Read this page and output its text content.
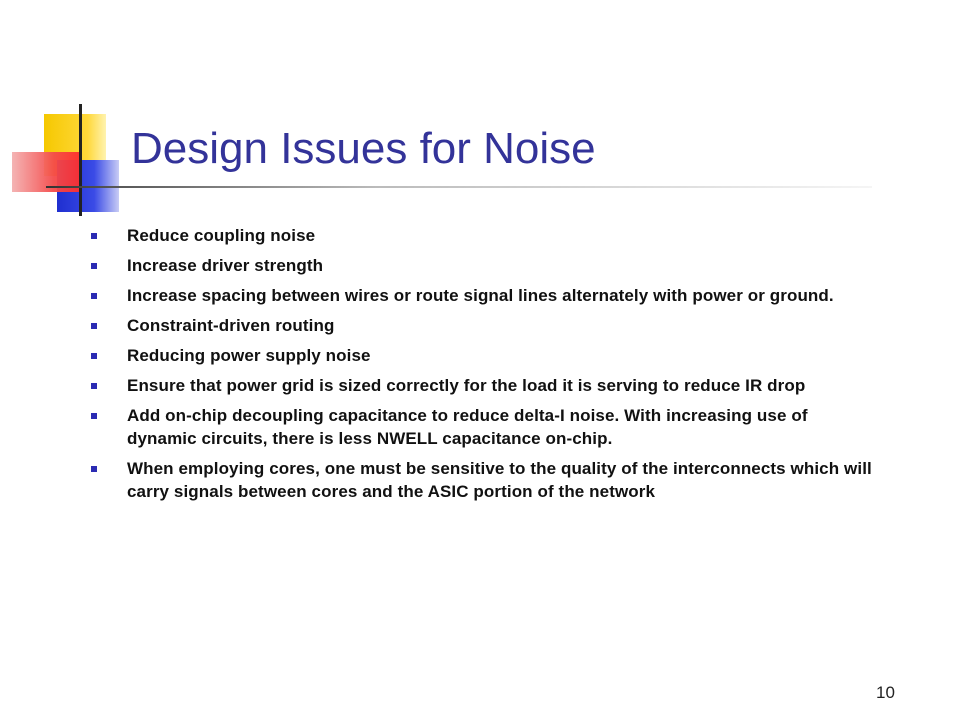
Design Issues for Noise
Reduce coupling noise
Increase driver strength
Increase spacing between wires or route signal lines alternately with power or ground.
Constraint-driven routing
Reducing power supply noise
Ensure that power grid is sized correctly for the load it is serving to reduce IR drop
Add on-chip decoupling capacitance to reduce delta-I noise. With increasing use of dynamic circuits, there is less NWELL capacitance on-chip.
When employing cores, one must be sensitive to the quality of the interconnects which will carry signals between cores and the ASIC portion of the network
10
